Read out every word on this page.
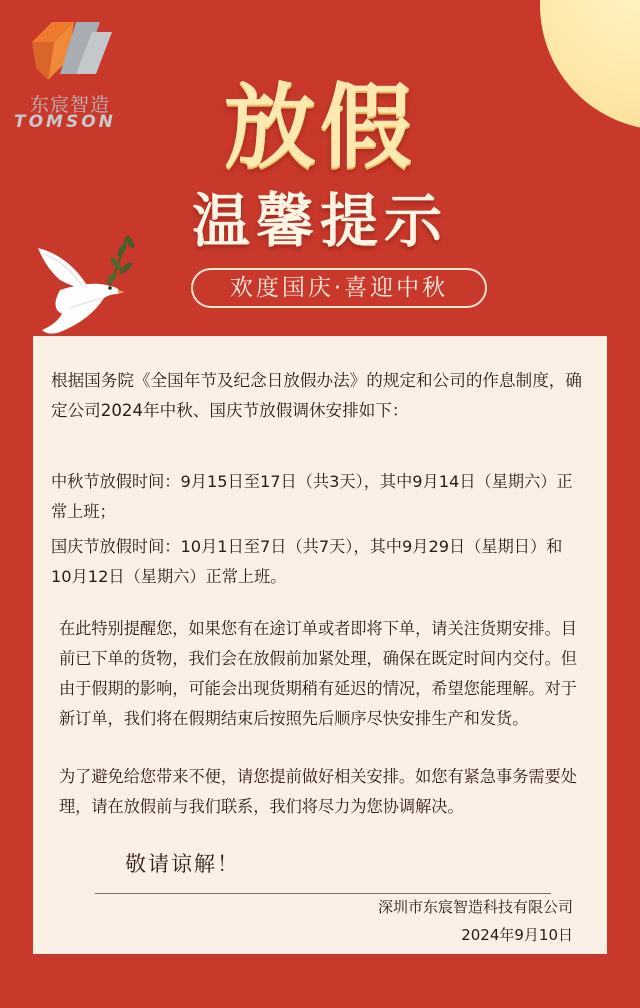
东宸智造
TOMSON	放假
温馨提示
欢度国庆·喜迎中秋

根据国务院《全国年节及纪念日放假办法》的规定和公司的作息制度，确定公司2024年中秋、国庆节放假调休安排如下：

中秋节放假时间：9月15日至17日（共3天），其中9月14日（星期六）正常上班；

国庆节放假时间：10月1日至7日（共7天），其中9月29日（星期日）和10月12日（星期六）正常上班。

在此特别提醒您，如果您有在途订单或者即将下单，请关注货期安排。目前已下单的货物，我们会在放假前加紧处理，确保在既定时间内交付。但由于假期的影响，可能会出现货期稍有延迟的情况，希望您能理解。对于新订单，我们将在假期结束后按照先后顺序尽快安排生产和发货。

为了避免给您带来不便，请您提前做好相关安排。如您有紧急事务需要处理，请在放假前与我们联系，我们将尽力为您协调解决。

敬请谅解！
深圳市东宸智造科技有限公司
2024年9月10日
